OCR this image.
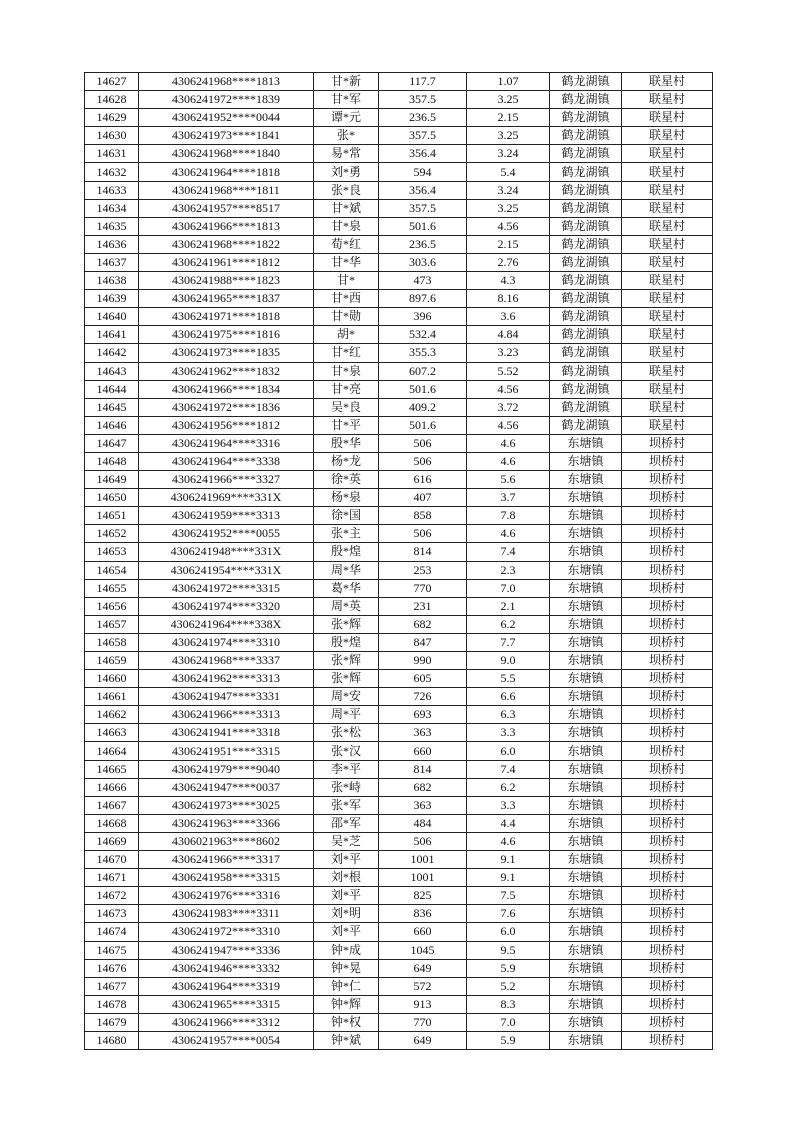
14627	4306241968****1813	甘*新	117.7	1.07	鹤龙湖镇	联星村
14628	4306241972****1839	甘*军	357.5	3.25	鹤龙湖镇	联星村
14629	4306241952****0044	谭*元	236.5	2.15	鹤龙湖镇	联星村
14630	4306241973****1841	张*	357.5	3.25	鹤龙湖镇	联星村
14631	4306241968****1840	易*常	356.4	3.24	鹤龙湖镇	联星村
14632	4306241964****1818	刘*勇	594	5.4	鹤龙湖镇	联星村
14633	4306241968****1811	张*良	356.4	3.24	鹤龙湖镇	联星村
14634	4306241957****8517	甘*斌	357.5	3.25	鹤龙湖镇	联星村
14635	4306241966****1813	甘*泉	501.6	4.56	鹤龙湖镇	联星村
14636	4306241968****1822	荀*红	236.5	2.15	鹤龙湖镇	联星村
14637	4306241961****1812	甘*华	303.6	2.76	鹤龙湖镇	联星村
14638	4306241988****1823	甘*	473	4.3	鹤龙湖镇	联星村
14639	4306241965****1837	甘*西	897.6	8.16	鹤龙湖镇	联星村
14640	4306241971****1818	甘*勋	396	3.6	鹤龙湖镇	联星村
14641	4306241975****1816	胡*	532.4	4.84	鹤龙湖镇	联星村
14642	4306241973****1835	甘*红	355.3	3.23	鹤龙湖镇	联星村
14643	4306241962****1832	甘*泉	607.2	5.52	鹤龙湖镇	联星村
14644	4306241966****1834	甘*亮	501.6	4.56	鹤龙湖镇	联星村
14645	4306241972****1836	吴*良	409.2	3.72	鹤龙湖镇	联星村
14646	4306241956****1812	甘*平	501.6	4.56	鹤龙湖镇	联星村
14647	4306241964****3316	殷*华	506	4.6	东塘镇	坝桥村
14648	4306241964****3338	杨*龙	506	4.6	东塘镇	坝桥村
14649	4306241966****3327	徐*英	616	5.6	东塘镇	坝桥村
14650	4306241969****331X	杨*泉	407	3.7	东塘镇	坝桥村
14651	4306241959****3313	徐*国	858	7.8	东塘镇	坝桥村
14652	4306241952****0055	张*主	506	4.6	东塘镇	坝桥村
14653	4306241948****331X	殷*煌	814	7.4	东塘镇	坝桥村
14654	4306241954****331X	周*华	253	2.3	东塘镇	坝桥村
14655	4306241972****3315	葛*华	770	7.0	东塘镇	坝桥村
14656	4306241974****3320	周*英	231	2.1	东塘镇	坝桥村
14657	4306241964****338X	张*辉	682	6.2	东塘镇	坝桥村
14658	4306241974****3310	殷*煌	847	7.7	东塘镇	坝桥村
14659	4306241968****3337	张*辉	990	9.0	东塘镇	坝桥村
14660	4306241962****3313	张*辉	605	5.5	东塘镇	坝桥村
14661	4306241947****3331	周*安	726	6.6	东塘镇	坝桥村
14662	4306241966****3313	周*平	693	6.3	东塘镇	坝桥村
14663	4306241941****3318	张*松	363	3.3	东塘镇	坝桥村
14664	4306241951****3315	张*汉	660	6.0	东塘镇	坝桥村
14665	4306241979****9040	李*平	814	7.4	东塘镇	坝桥村
14666	4306241947****0037	张*峙	682	6.2	东塘镇	坝桥村
14667	4306241973****3025	张*军	363	3.3	东塘镇	坝桥村
14668	4306241963****3366	邵*军	484	4.4	东塘镇	坝桥村
14669	4306021963****8602	吴*芝	506	4.6	东塘镇	坝桥村
14670	4306241966****3317	刘*平	1001	9.1	东塘镇	坝桥村
14671	4306241958****3315	刘*根	1001	9.1	东塘镇	坝桥村
14672	4306241976****3316	刘*平	825	7.5	东塘镇	坝桥村
14673	4306241983****3311	刘*明	836	7.6	东塘镇	坝桥村
14674	4306241972****3310	刘*平	660	6.0	东塘镇	坝桥村
14675	4306241947****3336	钟*成	1045	9.5	东塘镇	坝桥村
14676	4306241946****3332	钟*晃	649	5.9	东塘镇	坝桥村
14677	4306241964****3319	钟*仁	572	5.2	东塘镇	坝桥村
14678	4306241965****3315	钟*辉	913	8.3	东塘镇	坝桥村
14679	4306241966****3312	钟*权	770	7.0	东塘镇	坝桥村
14680	4306241957****0054	钟*斌	649	5.9	东塘镇	坝桥村
